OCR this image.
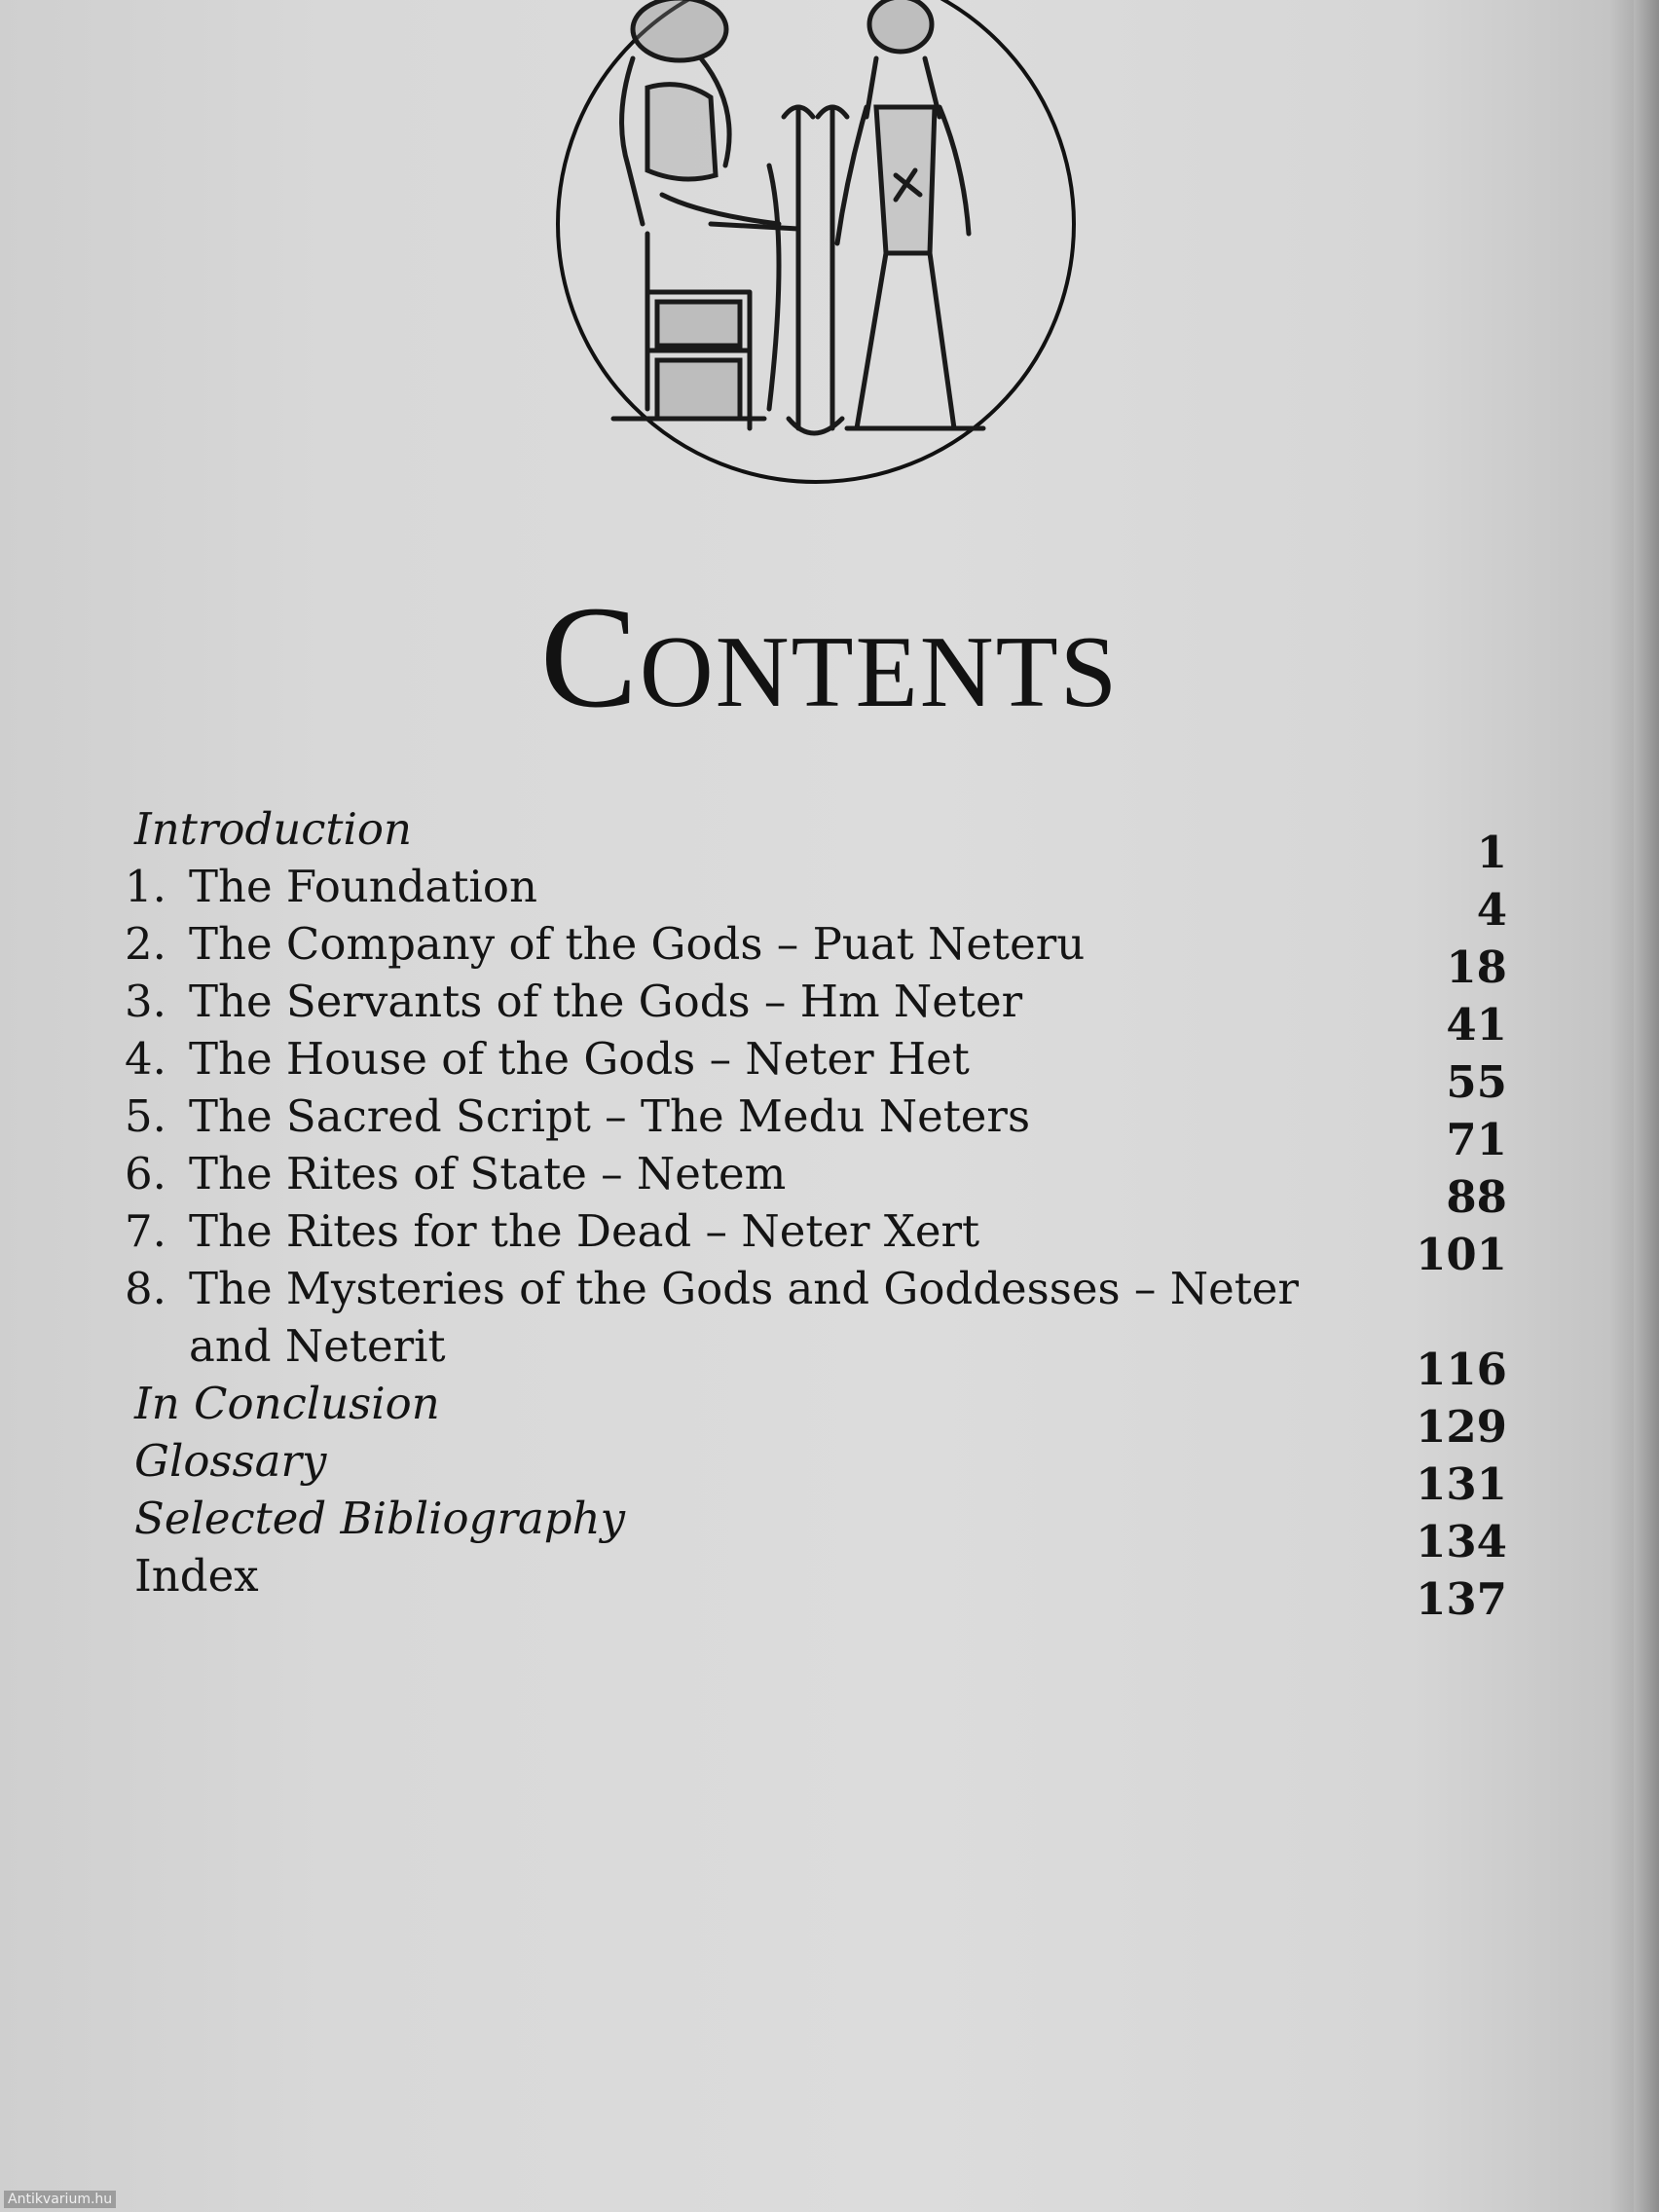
Contents
Introduction	1
1. The Foundation	4
2. The Company of the Gods – Puat Neteru	18
3. The Servants of the Gods – Hm Neter	41
4. The House of the Gods – Neter Het	55
5. The Sacred Script – The Medu Neters	71
6. The Rites of State – Netem	88
7. The Rites for the Dead – Neter Xert	101
8. The Mysteries of the Gods and Goddesses – Neter
and Neterit	116
In Conclusion	129
Glossary	131
Selected Bibliography	134
Index	137
Antikvarium.hu
